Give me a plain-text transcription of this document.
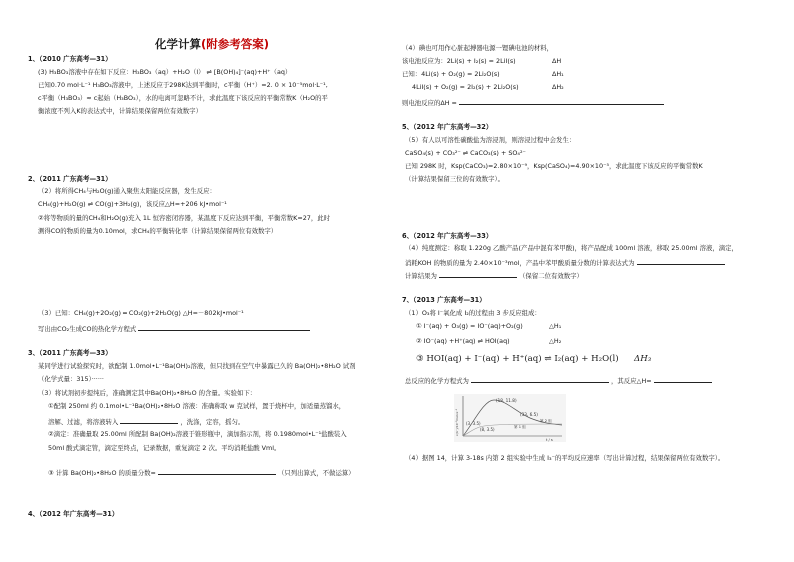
化学计算(附参考答案)
1、（2010 广东高考—31）
(3) H₃BO₃溶液中存在如下反应：H₃BO₃（aq）+H₂O（l） ⇌ [B(OH)₄]⁻(aq)+H⁺（aq）
已知0.70 mol·L⁻¹ H₃BO₃溶液中，上述反应于298K达到平衡时，c平衡（H⁺）=2. 0 × 10⁻⁵mol·L⁻¹,
c平衡（H₃BO₃）≈ c起始（H₃BO₃），水的电离可忽略不计，求此温度下该反应的平衡常数K（H₂O的平
衡浓度不列入K的表达式中，计算结果保留两位有效数字）
2、（2011 广东高考—31）
（2）将所得CH₄与H₂O(g)通入聚焦太阳能反应器，发生反应：
CH₄(g)+H₂O(g) ⇌ CO(g)+3H₂(g)，该反应△H=+206 kJ•mol⁻¹
②将等物质的量的CH₄和H₂O(g)充入 1L 恒容密闭容器，某温度下反应达到平衡，平衡常数K=27，此时
测得CO的物质的量为0.10mol，求CH₄的平衡转化率（计算结果保留两位有效数字）
（3）已知：CH₄(g)+2O₂(g) ═ CO₂(g)+2H₂O(g) △H=－802kJ•mol⁻¹
写出由CO₂生成CO的热化学方程式
3、（2011 广东高考—33）
某同学进行试验探究时，欲配制 1.0mol•L⁻¹Ba(OH)₂溶液，但只找到在空气中暴露已久的 Ba(OH)₂•8H₂O 试剂
（化学式量：315）······
（3）将试剂初步提纯后，准确测定其中Ba(OH)₂•8H₂O 的含量。实验如下：
①配制 250ml 约 0.1mol•L⁻¹Ba(OH)₂•8H₂O 溶液：准确称取 w 克试样，置于烧杯中，加适量蒸馏水，
溶解、过滤，将溶液转入	，洗涤，定容，摇匀。
②滴定：准确量取 25.00ml 所配制 Ba(OH)₂溶液于锥形瓶中，滴加指示剂，将 0.1980mol•L⁻¹盐酸装入
50ml 酸式滴定管，滴定至终点，记录数据，重复滴定 2 次。平均消耗盐酸 Vml。
③ 计算 Ba(OH)₂•8H₂O 的质量分数=	（只列出算式，不做运算）
4、（2012 年广东高考—31）
（4）碘也可用作心脏起搏器电源一锂碘电池的材料，
该电池反应为：2Li(s) + I₂(s) = 2LiI(s)	ΔH
已知：4Li(s) + O₂(g) = 2Li₂O(s)	ΔH₁
4LiI(s) + O₂(g) = 2I₂(s) + 2Li₂O(s)	ΔH₂
则电池反应的ΔH =
5、（2012 年广东高考—32）
（5）有人以可溶性碳酸盐为溶浸剂，则溶浸过程中会发生：
CaSO₄(s) + CO₃²⁻ ⇌ CaCO₃(s) + SO₄²⁻
已知 298K 时，Ksp(CaCO₃)=2.80×10⁻⁹，Ksp(CaSO₄)=4.90×10⁻⁵，求此温度下该反应的平衡常数K
（计算结果保留三位的有效数字）。
6、（2012 年广东高考—33）
（4）纯度测定：称取 1.220g 乙酸产品(产品中混有苯甲酸)，将产品配成 100ml 溶液，移取 25.00ml 溶液，滴定，
消耗KOH 的物质的量为 2.40×10⁻³mol，产品中苯甲酸质量分数的计算表达式为
计算结果为	（保留二位有效数字）
7、（2013 广东高考—31）
（1）O₃将 I⁻氧化成 I₂的过程由 3 步反应组成：
① I⁻(aq) + O₃(g) = IO⁻(aq)+O₂(g)	△H₁
② IO⁻(aq) +H⁺(aq) ⇌ HOI(aq)	△H₂
③ HOI(aq) + I⁻(aq) + H⁺(aq) ⇌ I₂(aq) + H₂O(l) ΔH₃
总反应的化学方程式为	，其反应△H=
(18, 11.8)
(33, 6.5)
(3, 3.5)
(8, 3.5)	第 1 组
第 2 组
t / s
c(I₃⁻)/10⁻³mol•L⁻¹
（4）据图 14，计算 3-18s 内第 2 组实验中生成 I₃⁻的平均反应速率（写出计算过程，结果保留两位有效数字）。
